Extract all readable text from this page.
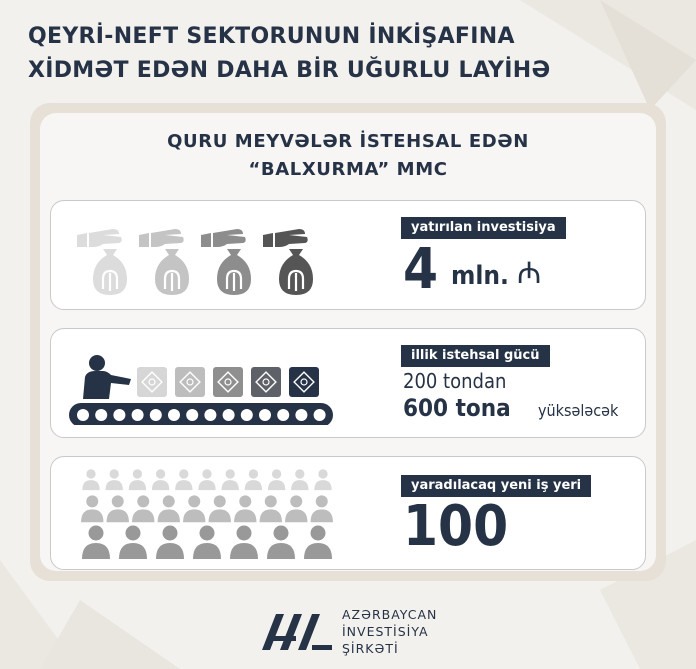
QEYRİ-NEFT SEKTORUNUN İNKİŞAFINA
XİDMƏT EDƏN DAHA BİR UĞURLU LAYİHƏ
QURU MEYVƏLƏR İSTEHSAL EDƏN
“BALXURMA” MMC
yatırılan investisiya
4 mln. ₼
illik istehsal gücü
200 tondan
600 tona yüksələcək
yaradılacaq yeni iş yeri
100
AZƏRBAYCAN
İNVESTİSİYA
ŞİRKƏTİ
